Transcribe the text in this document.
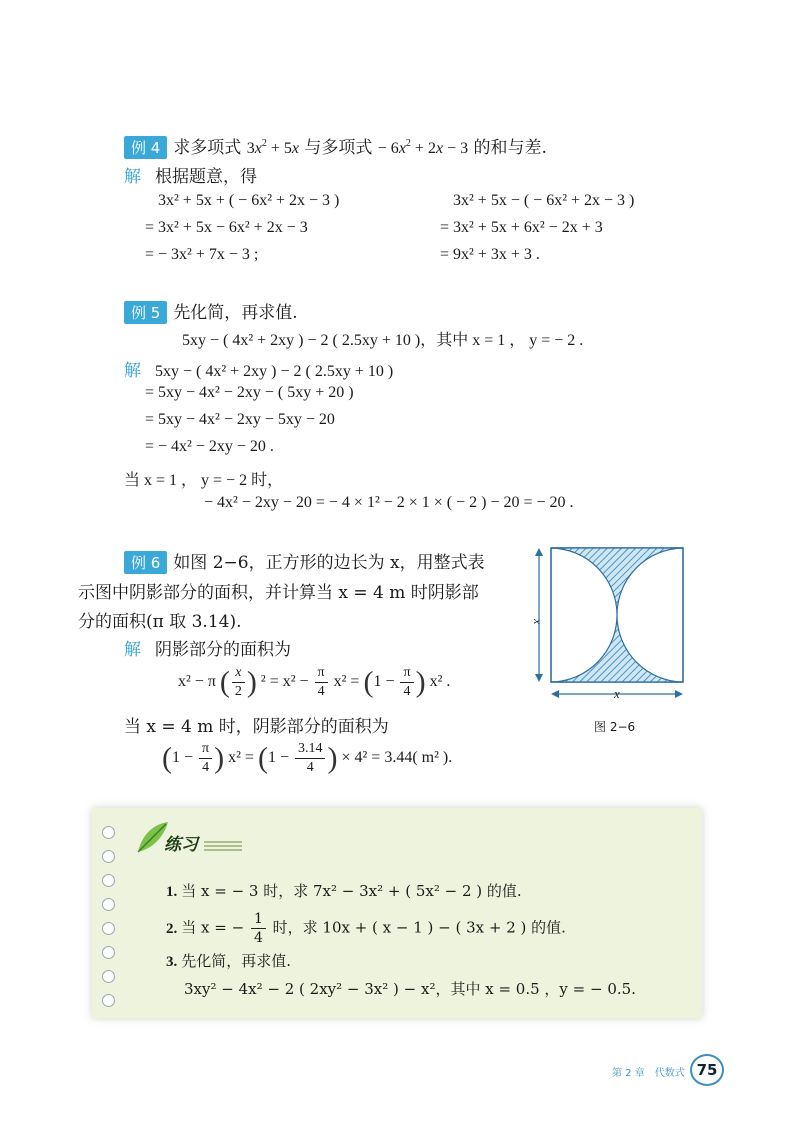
例 4 求多项式 $3x^2 + 5x$ 与多项式 − $6x^2 + 2x - 3$ 的和与差.
解 根据题意，得
3x² + 5x + ( − 6x² + 2x − 3 )
= 3x² + 5x − 6x² + 2x − 3
= − 3x² + 7x − 3 ;
3x² + 5x − ( − 6x² + 2x − 3 )
= 3x² + 5x + 6x² − 2x + 3
= 9x² + 3x + 3 .
例 5 先化简，再求值.
5xy − ( 4x² + 2xy ) − 2 ( 2.5xy + 10 )，其中 x = 1 ， y = − 2 .
解 5xy − ( 4x² + 2xy ) − 2 ( 2.5xy + 10 )
= 5xy − 4x² − 2xy − ( 5xy + 20 )
= 5xy − 4x² − 2xy − 5xy − 20
= − 4x² − 2xy − 20 .
当 x = 1 ， y = − 2 时，
− 4x² − 2xy − 20 = − 4 × 1² − 2 × 1 × ( − 2 ) − 20 = − 20 .
例 6 如图 2−6，正方形的边长为 x，用整式表
示图中阴影部分的面积，并计算当 x = 4 m 时阴影部
分的面积(π 取 3.14).
解 阴影部分的面积为
x² − π ( $\frac{x}{2}$ ) $^2 = x^2 - \frac{\pi}{4} x^2 = (1 - \frac{\pi}{4}$ ) x² .
当 x = 4 m 时，阴影部分的面积为
($1 - \frac{\pi}{4}$ ) $x^2 = (1 - \frac{3.14}{4}$ ) × 4² = 3.44( m² ).
x
x
图 2−6
练习
1. 当 x = − 3 时，求 7x² − 3x² + ( 5x² − 2 ) 的值.
2. 当 x = − $\frac{1}{4}$ 时，求 10x + ( x − 1 ) − ( 3x + 2 ) 的值.
3. 先化简，再求值.
3xy² − 4x² − 2 ( 2xy² − 3x² ) − x²，其中 x = 0.5 ，y = − 0.5.
第 2 章　代数式 75
